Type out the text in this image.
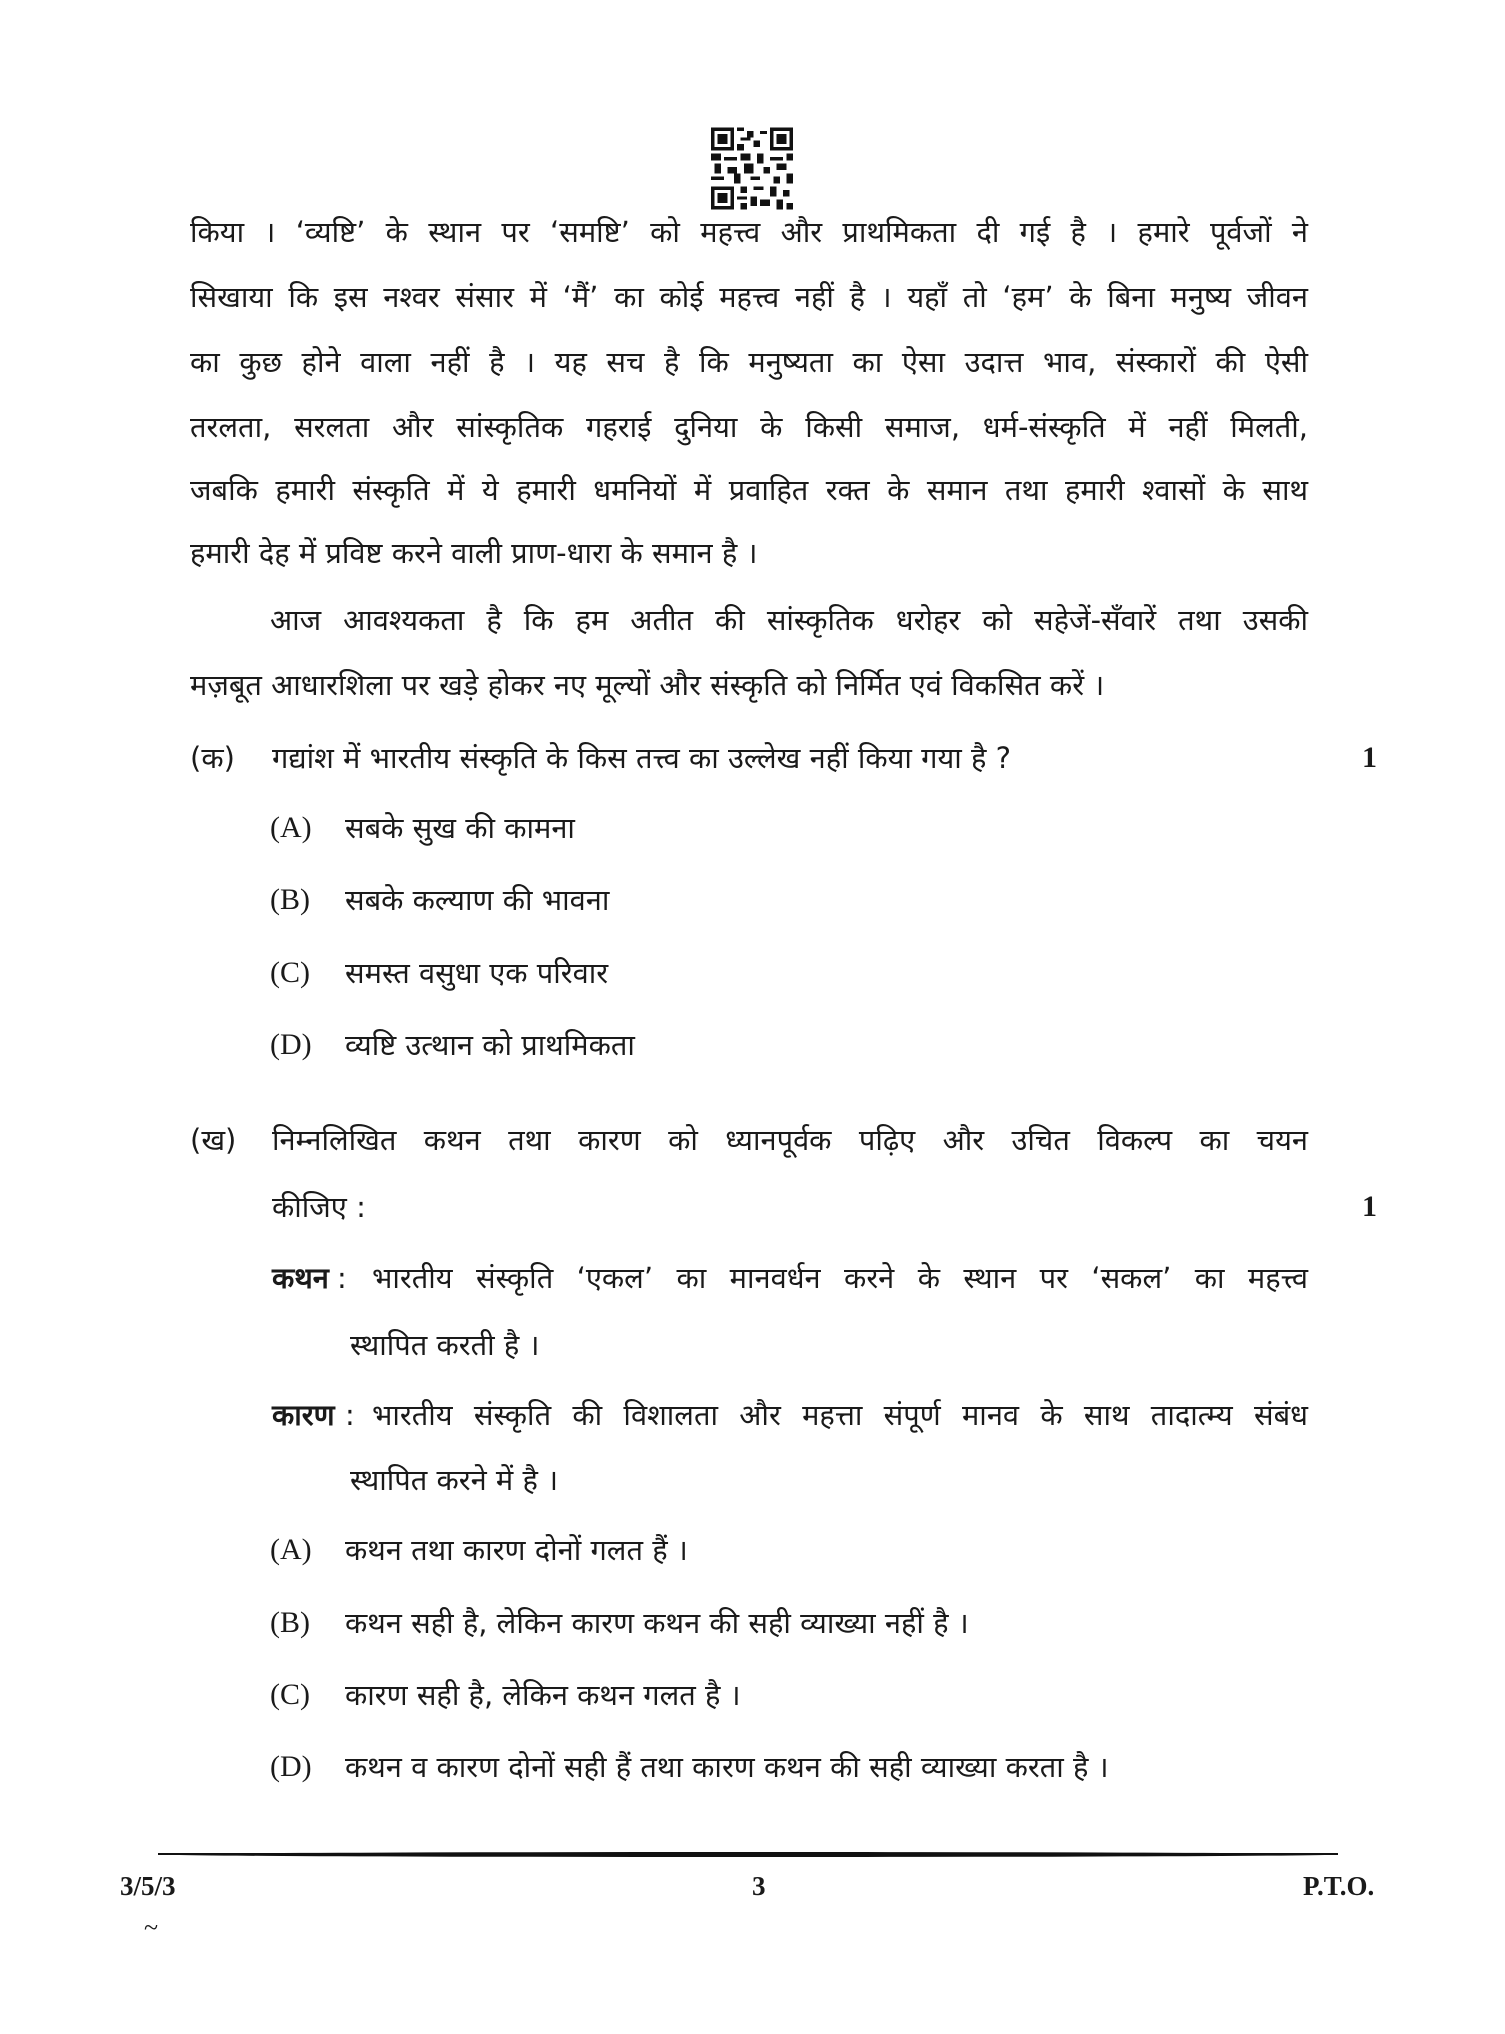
किया । ‘व्यष्टि’ के स्थान पर ‘समष्टि’ को महत्त्व और प्राथमिकता दी गई है । हमारे पूर्वजों ने
सिखाया कि इस नश्वर संसार में ‘मैं’ का कोई महत्त्व नहीं है । यहाँ तो ‘हम’ के बिना मनुष्य जीवन
का कुछ होने वाला नहीं है । यह सच है कि मनुष्यता का ऐसा उदात्त भाव, संस्कारों की ऐसी
तरलता, सरलता और सांस्कृतिक गहराई दुनिया के किसी समाज, धर्म-संस्कृति में नहीं मिलती,
जबकि हमारी संस्कृति में ये हमारी धमनियों में प्रवाहित रक्त के समान तथा हमारी श्वासों के साथ
हमारी देह में प्रविष्ट करने वाली प्राण-धारा के समान है ।
आज आवश्यकता है कि हम अतीत की सांस्कृतिक धरोहर को सहेजें-सँवारें तथा उसकी
मज़बूत आधारशिला पर खड़े होकर नए मूल्यों और संस्कृति को निर्मित एवं विकसित करें ।
(क) गद्यांश में भारतीय संस्कृति के किस तत्त्व का उल्लेख नहीं किया गया है ?	1
(A) सबके सुख की कामना
(B) सबके कल्याण की भावना
(C) समस्त वसुधा एक परिवार
(D) व्यष्टि उत्थान को प्राथमिकता
(ख) निम्नलिखित कथन तथा कारण को ध्यानपूर्वक पढ़िए और उचित विकल्प का चयन
कीजिए :	1
कथन : भारतीय संस्कृति ‘एकल’ का मानवर्धन करने के स्थान पर ‘सकल’ का महत्त्व
स्थापित करती है ।
कारण : भारतीय संस्कृति की विशालता और महत्ता संपूर्ण मानव के साथ तादात्म्य संबंध
स्थापित करने में है ।
(A) कथन तथा कारण दोनों गलत हैं ।
(B) कथन सही है, लेकिन कारण कथन की सही व्याख्या नहीं है ।
(C) कारण सही है, लेकिन कथन गलत है ।
(D) कथन व कारण दोनों सही हैं तथा कारण कथन की सही व्याख्या करता है ।
3/5/3	3	P.T.O.
~
